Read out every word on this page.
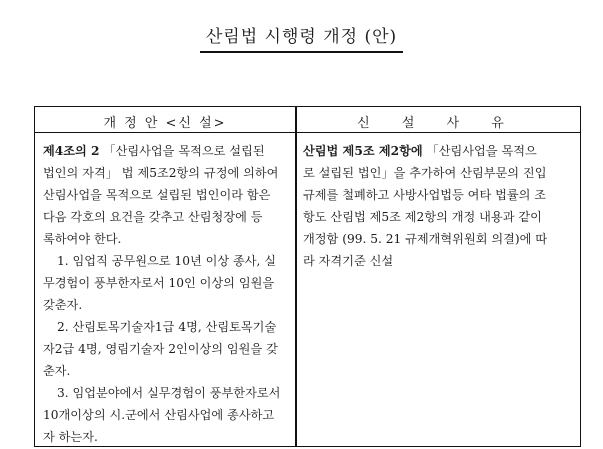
산림법 시행령 개정 (안)
개 정 안 <신 설>	신 설 사 유
제4조의 2 「산림사업을 목적으로 설립된
법인의 자격」 법 제5조2항의 규정에 의하여
산림사업을 목적으로 설립된 법인이라 함은
다음 각호의 요건을 갖추고 산림청장에 등
록하여야 한다.
1. 임업직 공무원으로 10년 이상 종사, 실
무경험이 풍부한자로서 10인 이상의 임원을
갖춘자.
2. 산림토목기술자1급 4명, 산림토목기술
자2급 4명, 영림기술자 2인이상의 임원을 갖
춘자.
3. 임업분야에서 실무경험이 풍부한자로서
10개이상의 시.군에서 산림사업에 종사하고
자 하는자.
산림법 제5조 제2항에 「산림사업을 목적으
로 설립된 법인」을 추가하여 산림부문의 진입
규제를 철폐하고 사방사업법등 여타 법률의 조
항도 산림법 제5조 제2항의 개정 내용과 같이
개정함 (99. 5. 21 규제개혁위원회 의결)에 따
라 자격기준 신설
